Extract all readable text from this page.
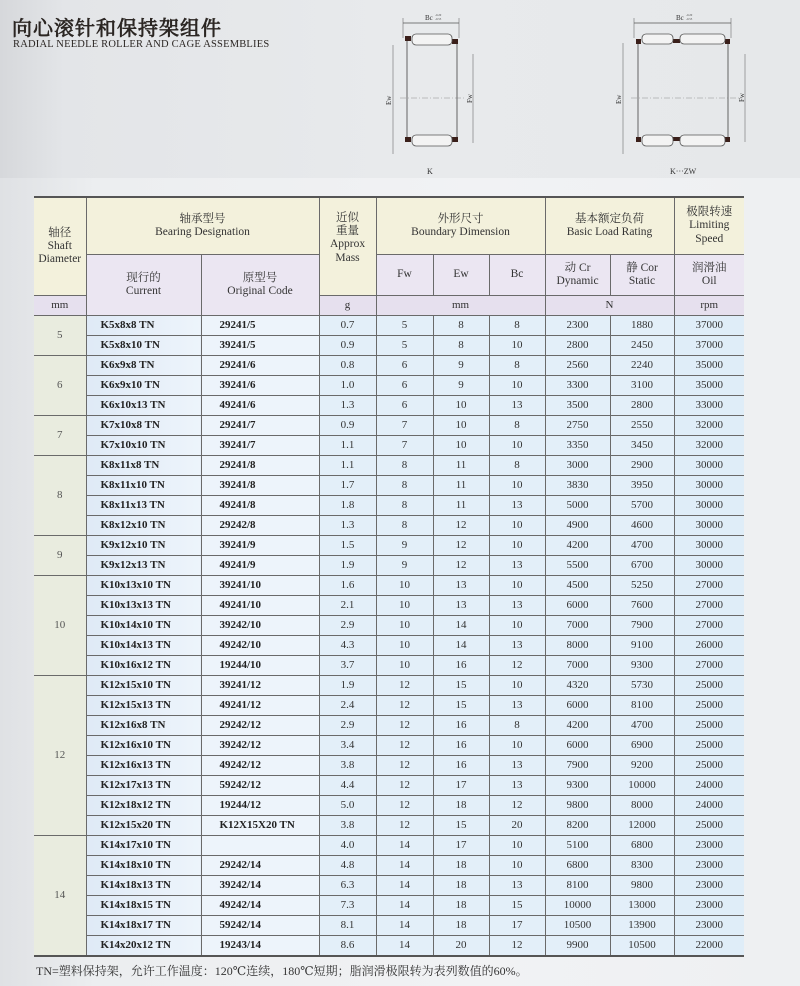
向心滚针和保持架组件
RADIAL NEEDLE ROLLER AND CAGE ASSEMBLIES
Bc -0.20
-0.55
Ew	Fw
K
Bc -0.20
-0.55
Ew	Fw
K···ZW
轴径
Shaft
Diameter	轴承型号
Bearing Designation		近似
重量
Approx
Mass	外形尺寸
Boundary Dimension			基本额定负荷
Basic Load Rating		极限转速
Limiting
Speed
	现行的
Current	原型号
Original Code		Fw	Ew	Bc	动 Cr
Dynamic	静 Cor
Static	润滑油
Oil
mm			g	mm			N		rpm
5	K5x8x8 TN	29241/5	0.7	5	8	8	2300	1880	37000
	K5x8x10 TN	39241/5	0.9	5	8	10	2800	2450	37000
6	K6x9x8 TN	29241/6	0.8	6	9	8	2560	2240	35000
	K6x9x10 TN	39241/6	1.0	6	9	10	3300	3100	35000
	K6x10x13 TN	49241/6	1.3	6	10	13	3500	2800	33000
7	K7x10x8 TN	29241/7	0.9	7	10	8	2750	2550	32000
	K7x10x10 TN	39241/7	1.1	7	10	10	3350	3450	32000
8	K8x11x8 TN	29241/8	1.1	8	11	8	3000	2900	30000
	K8x11x10 TN	39241/8	1.7	8	11	10	3830	3950	30000
	K8x11x13 TN	49241/8	1.8	8	11	13	5000	5700	30000
	K8x12x10 TN	29242/8	1.3	8	12	10	4900	4600	30000
9	K9x12x10 TN	39241/9	1.5	9	12	10	4200	4700	30000
	K9x12x13 TN	49241/9	1.9	9	12	13	5500	6700	30000
10	K10x13x10 TN	39241/10	1.6	10	13	10	4500	5250	27000
	K10x13x13 TN	49241/10	2.1	10	13	13	6000	7600	27000
	K10x14x10 TN	39242/10	2.9	10	14	10	7000	7900	27000
	K10x14x13 TN	49242/10	4.3	10	14	13	8000	9100	26000
	K10x16x12 TN	19244/10	3.7	10	16	12	7000	9300	27000
12	K12x15x10 TN	39241/12	1.9	12	15	10	4320	5730	25000
	K12x15x13 TN	49241/12	2.4	12	15	13	6000	8100	25000
	K12x16x8 TN	29242/12	2.9	12	16	8	4200	4700	25000
	K12x16x10 TN	39242/12	3.4	12	16	10	6000	6900	25000
	K12x16x13 TN	49242/12	3.8	12	16	13	7900	9200	25000
	K12x17x13 TN	59242/12	4.4	12	17	13	9300	10000	24000
	K12x18x12 TN	19244/12	5.0	12	18	12	9800	8000	24000
	K12x15x20 TN	K12X15X20 TN	3.8	12	15	20	8200	12000	25000
14	K14x17x10 TN		4.0	14	17	10	5100	6800	23000
	K14x18x10 TN	29242/14	4.8	14	18	10	6800	8300	23000
	K14x18x13 TN	39242/14	6.3	14	18	13	8100	9800	23000
	K14x18x15 TN	49242/14	7.3	14	18	15	10000	13000	23000
	K14x18x17 TN	59242/14	8.1	14	18	17	10500	13900	23000
	K14x20x12 TN	19243/14	8.6	14	20	12	9900	10500	22000
TN=塑料保持架，允许工作温度：120℃连续，180℃短期；脂润滑极限转为表列数值的60%。
